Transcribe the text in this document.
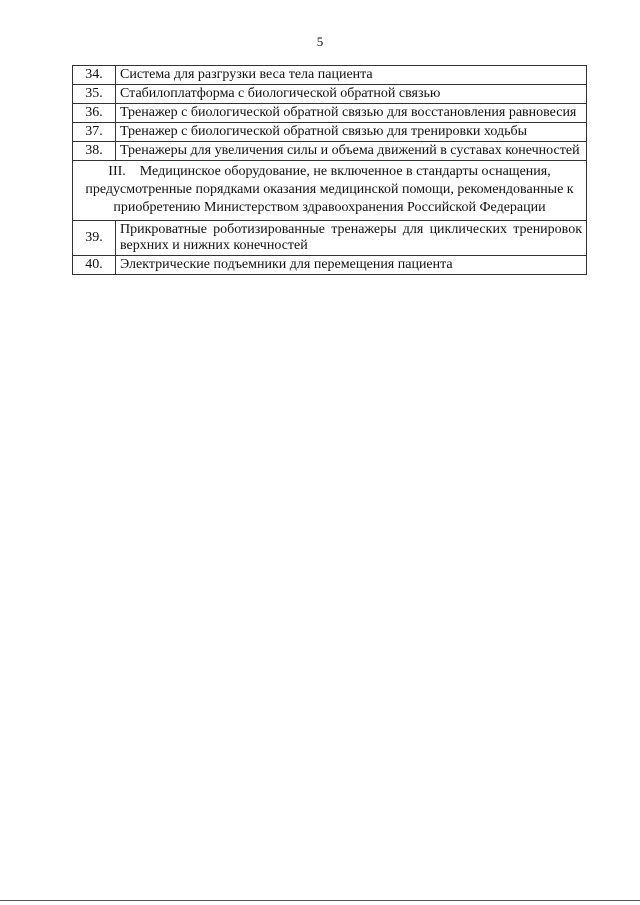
5
34.	Система для разгрузки веса тела пациента
35.	Стабилоплатформа с биологической обратной связью
36.	Тренажер с биологической обратной связью для восстановления равновесия
37.	Тренажер с биологической обратной связью для тренировки ходьбы
38.	Тренажеры для увеличения силы и объема движений в суставах конечностей
III. Медицинское оборудование, не включенное в стандарты оснащения, предусмотренные порядками оказания медицинской помощи, рекомендованные к приобретению Министерством здравоохранения Российской Федерации	
39.	Прикроватные роботизированные тренажеры для циклических тренировок верхних и нижних конечностей
40.	Электрические подъемники для перемещения пациента
